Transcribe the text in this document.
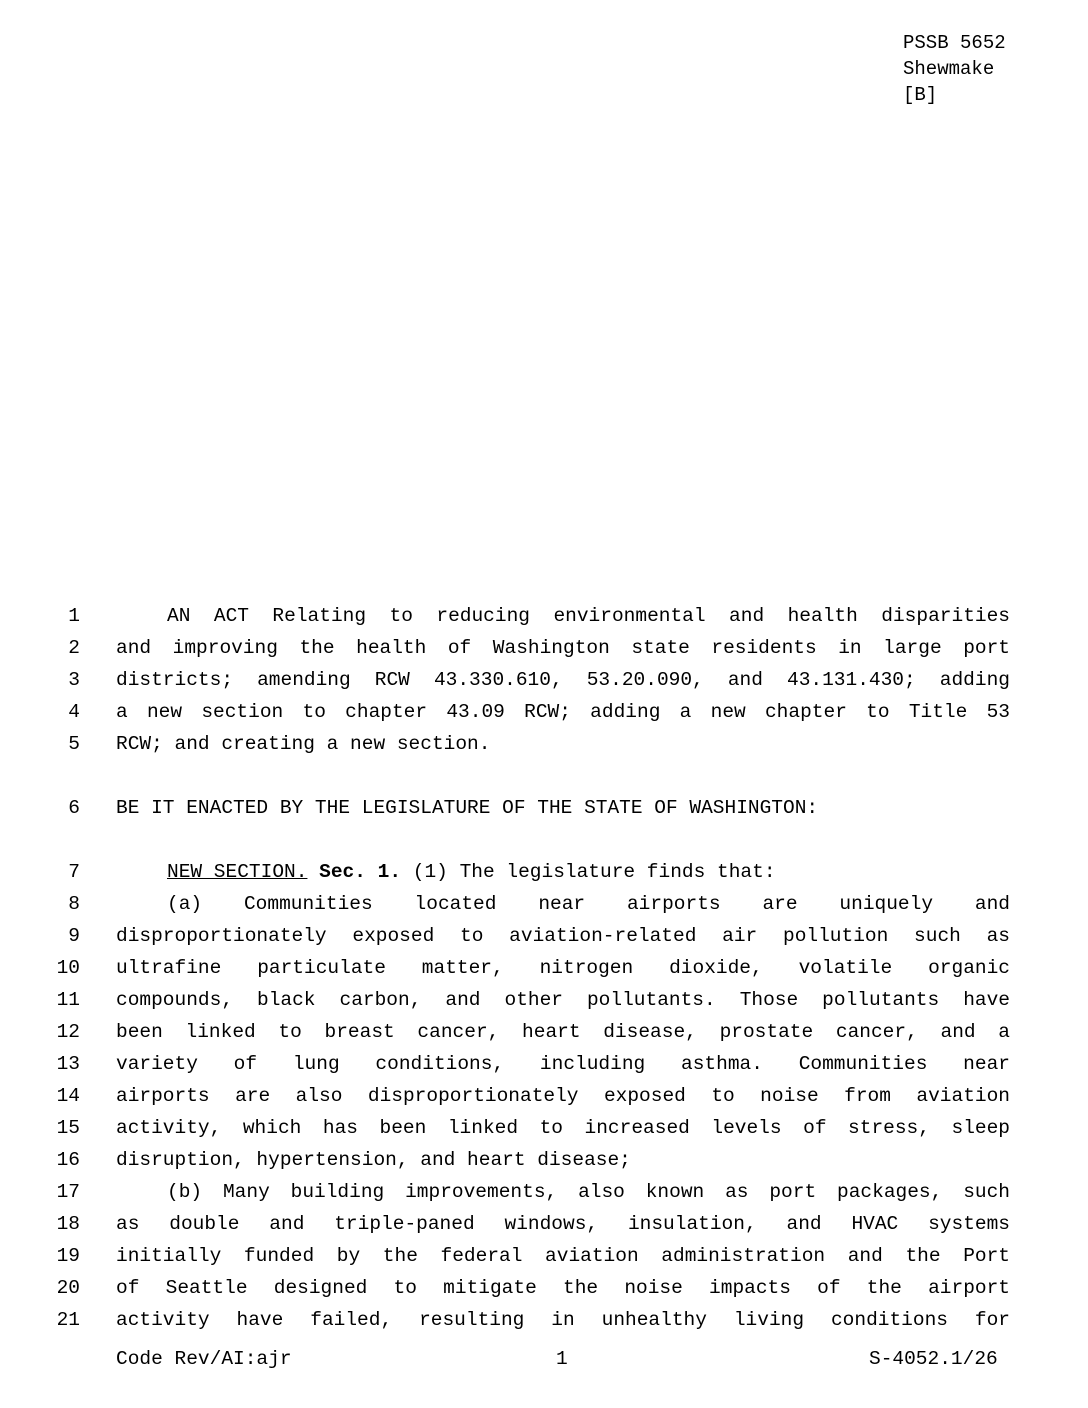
PSSB 5652
Shewmake
[B]
1	AN ACT Relating to reducing environmental and health disparities
2 and improving the health of Washington state residents in large port
3 districts; amending RCW 43.330.610, 53.20.090, and 43.131.430; adding
4 a new section to chapter 43.09 RCW; adding a new chapter to Title 53
5 RCW; and creating a new section.
6 BE IT ENACTED BY THE LEGISLATURE OF THE STATE OF WASHINGTON:
7	NEW SECTION. Sec. 1. (1) The legislature finds that:
8	(a) Communities located near airports are uniquely and
9 disproportionately exposed to aviation-related air pollution such as
10 ultrafine particulate matter, nitrogen dioxide, volatile organic
11 compounds, black carbon, and other pollutants. Those pollutants have
12 been linked to breast cancer, heart disease, prostate cancer, and a
13 variety of lung conditions, including asthma. Communities near
14 airports are also disproportionately exposed to noise from aviation
15 activity, which has been linked to increased levels of stress, sleep
16 disruption, hypertension, and heart disease;
17	(b) Many building improvements, also known as port packages, such
18 as double and triple-paned windows, insulation, and HVAC systems
19 initially funded by the federal aviation administration and the Port
20 of Seattle designed to mitigate the noise impacts of the airport
21 activity have failed, resulting in unhealthy living conditions for
Code Rev/AI:ajr	1	S-4052.1/26
